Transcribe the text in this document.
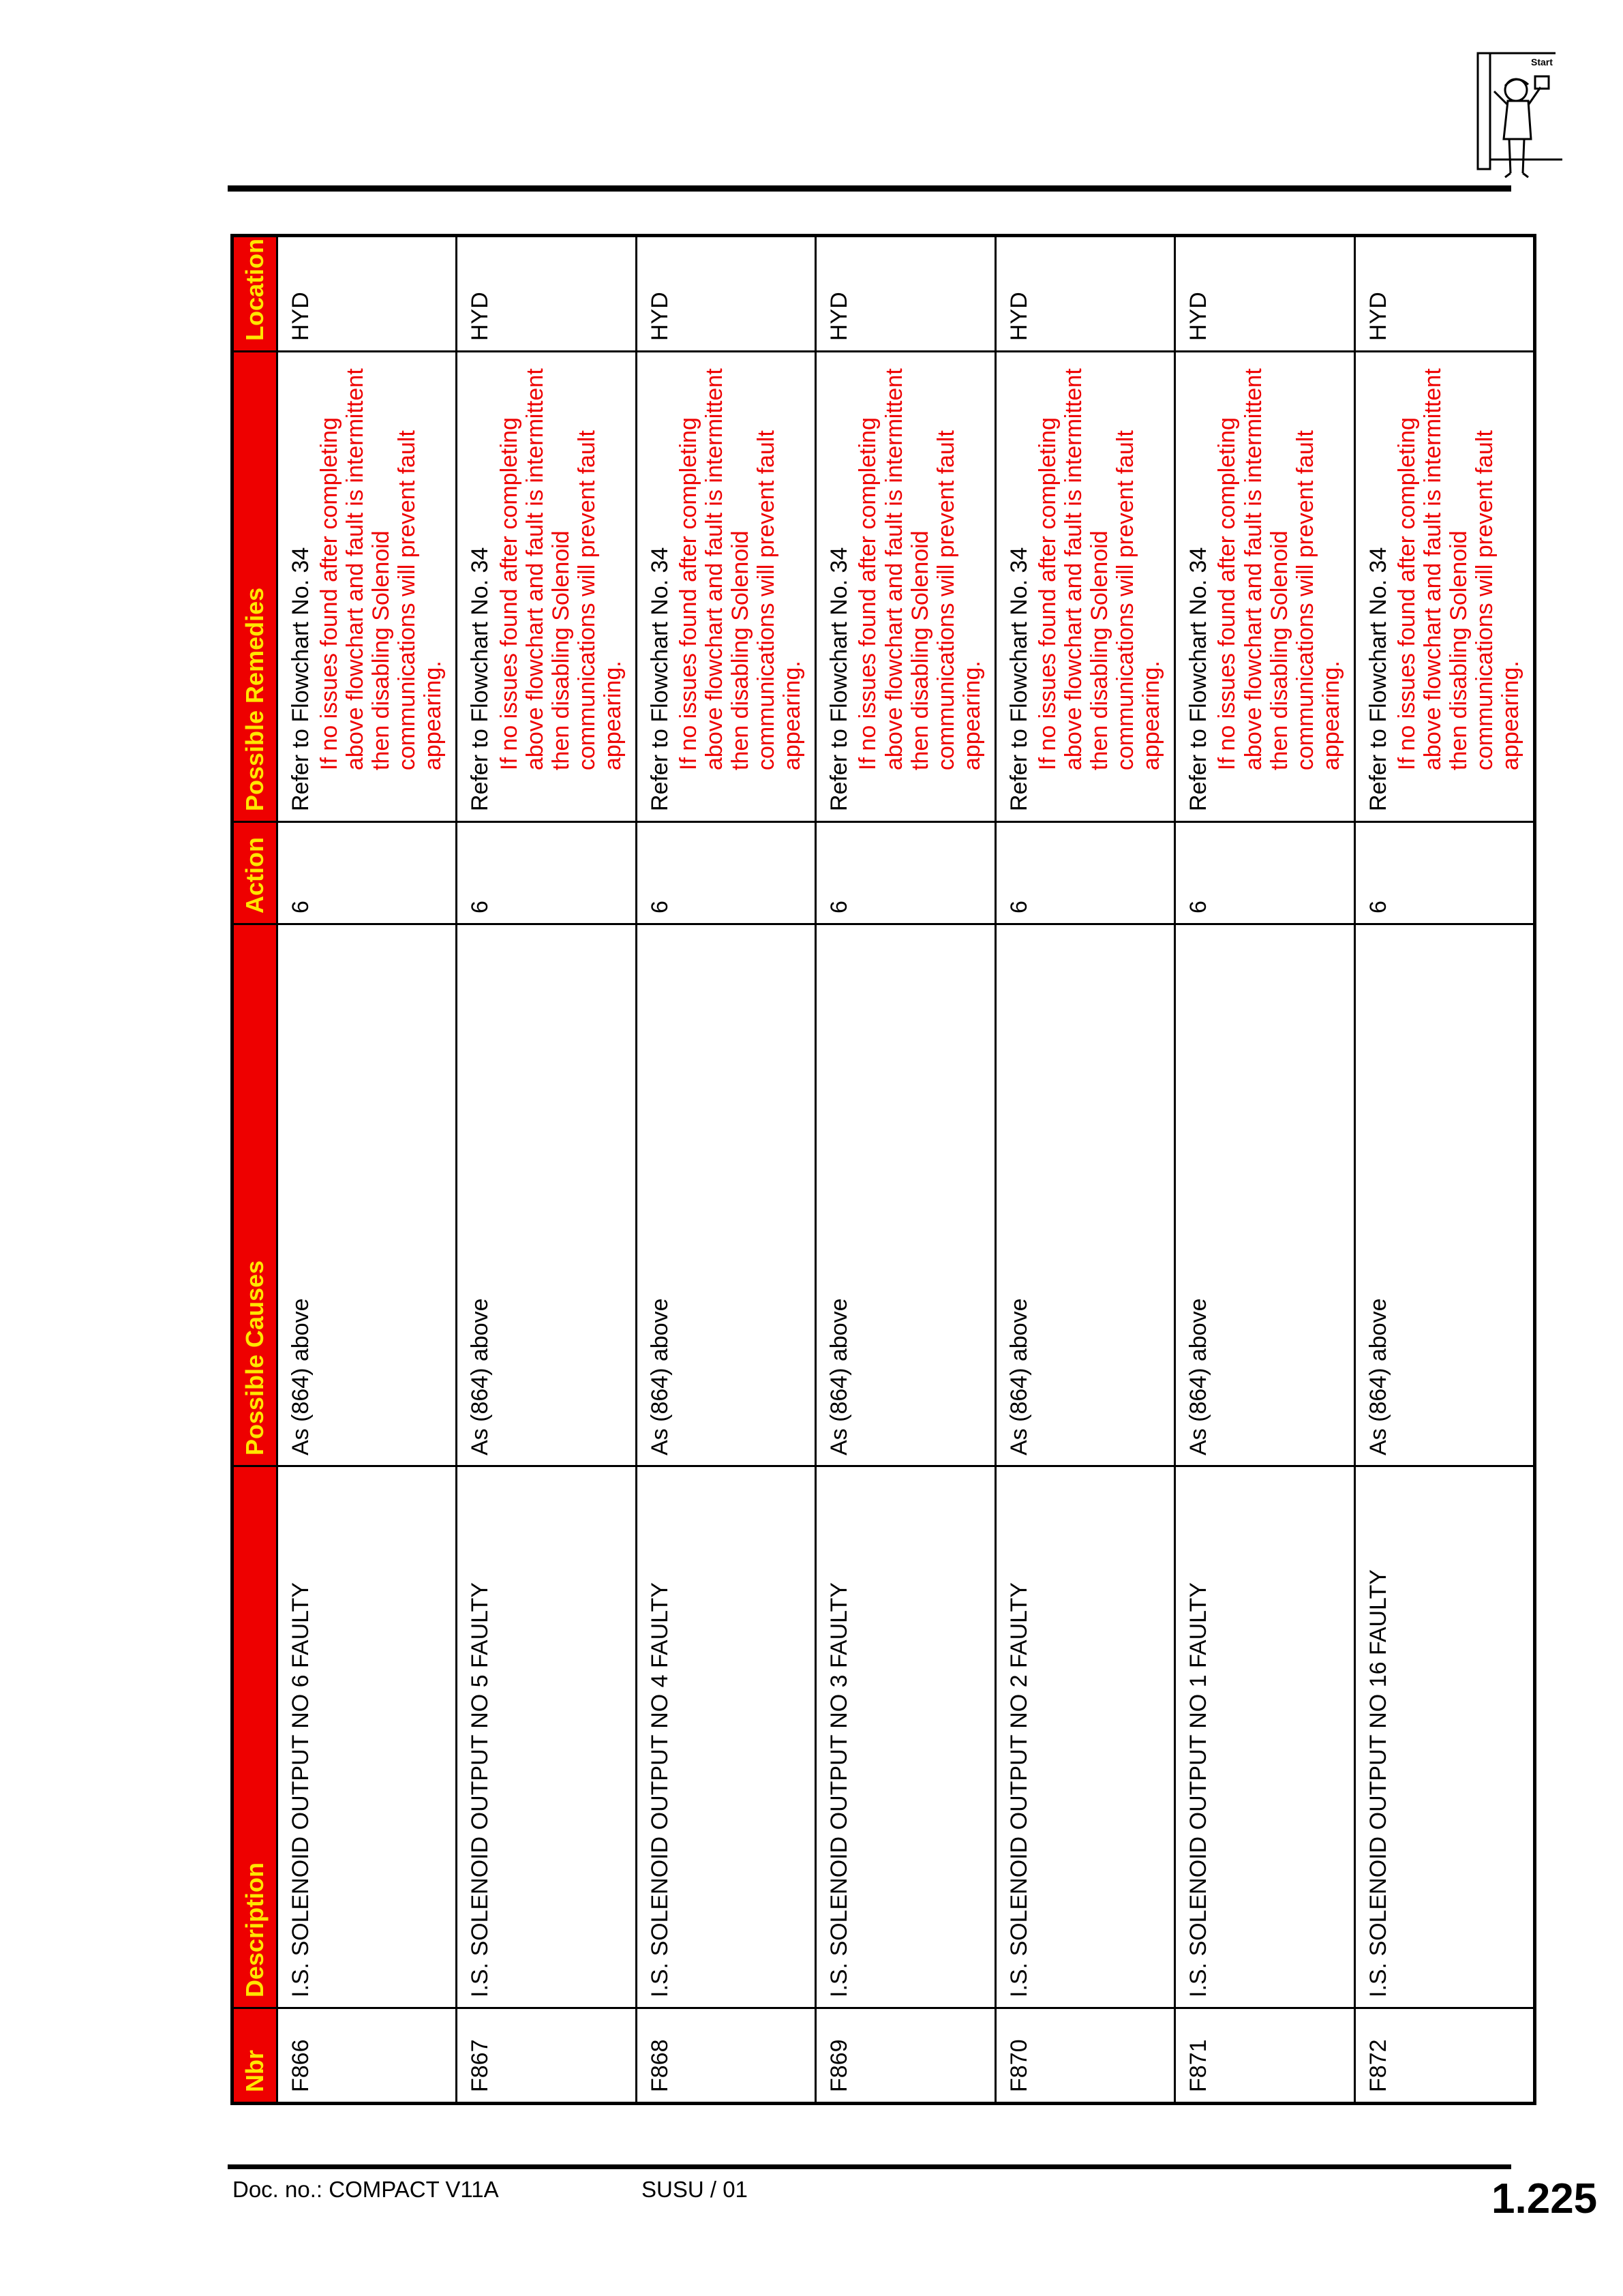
Start
Nbr	Description	Possible Causes	Action	Possible Remedies	Location
F866	I.S. SOLENOID OUTPUT NO 6 FAULTY	As (864) above	6	Refer to Flowchart No. 34 If no issues found after completing above flowchart and fault is intermittent then disabling Solenoid communications will prevent fault appearing.	HYD
F867	I.S. SOLENOID OUTPUT NO 5 FAULTY	As (864) above	6	Refer to Flowchart No. 34 If no issues found after completing above flowchart and fault is intermittent then disabling Solenoid communications will prevent fault appearing.	HYD
F868	I.S. SOLENOID OUTPUT NO 4 FAULTY	As (864) above	6	Refer to Flowchart No. 34 If no issues found after completing above flowchart and fault is intermittent then disabling Solenoid communications will prevent fault appearing.	HYD
F869	I.S. SOLENOID OUTPUT NO 3 FAULTY	As (864) above	6	Refer to Flowchart No. 34 If no issues found after completing above flowchart and fault is intermittent then disabling Solenoid communications will prevent fault appearing.	HYD
F870	I.S. SOLENOID OUTPUT NO 2 FAULTY	As (864) above	6	Refer to Flowchart No. 34 If no issues found after completing above flowchart and fault is intermittent then disabling Solenoid communications will prevent fault appearing.	HYD
F871	I.S. SOLENOID OUTPUT NO 1 FAULTY	As (864) above	6	Refer to Flowchart No. 34 If no issues found after completing above flowchart and fault is intermittent then disabling Solenoid communications will prevent fault appearing.	HYD
F872	I.S. SOLENOID OUTPUT NO 16 FAULTY	As (864) above	6	Refer to Flowchart No. 34 If no issues found after completing above flowchart and fault is intermittent then disabling Solenoid communications will prevent fault appearing.	HYD
Doc. no.: COMPACT V11A	SUSU / 01	1.225
